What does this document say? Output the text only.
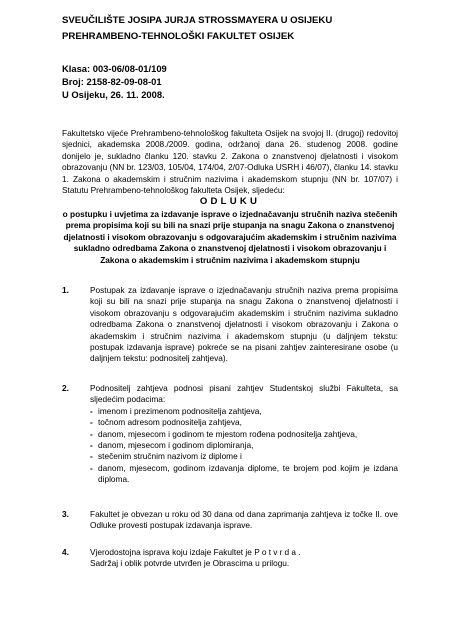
SVEUČILIŠTE JOSIPA JURJA STROSSMAYERA U OSIJEKU
PREHRAMBENO-TEHNOLOŠKI FAKULTET OSIJEK
Klasa: 003-06/08-01/109
Broj: 2158-82-09-08-01
U Osijeku, 26. 11. 2008.

Fakultetsko vijeće Prehrambeno-tehnološkog fakulteta Osijek na svojoj II. (drugoj) redovitoj sjednici, akademska 2008./2009. godina, održanoj dana 26. studenog 2008. godine donijelo je, sukladno članku 120. stavku 2. Zakona o znanstvenoj djelatnosti i visokom obrazovanju (NN br. 123/03, 105/04, 174/04, 2/07-Odluka USRH i 46/07), članku 14. stavku 1. Zakona o akademskim i stručnim nazivima i akademskom stupnju (NN br. 107/07) i Statutu Prehrambeno-tehnološkog fakulteta Osijek, sljedeću:

ODLUKU

o postupku i uvjetima za izdavanje isprave o izjednačavanju stručnih naziva stečenih prema propisima koji su bili na snazi prije stupanja na snagu Zakona o znanstvenoj djelatnosti i visokom obrazovanju s odgovarajućim akademskim i stručnim nazivima sukladno odredbama Zakona o znanstvenoj djelatnosti i visokom obrazovanju i Zakona o akademskim i stručnim nazivima i akademskom stupnju

1.	Postupak za izdavanje isprave o izjednačavanju stručnih naziva prema propisima koji su bili na snazi prije stupanja na snagu Zakona o znanstvenoj djelatnosti i visokom obrazovanju s odgovarajućim akademskim i stručnim nazivima sukladno odredbama Zakona o znanstvenoj djelatnosti i visokom obrazovanju i Zakona o akademskim i stručnim nazivima i akademskom stupnju (u daljnjem tekstu: postupak izdavanja isprave) pokreće se na pisani zahtjev zainteresirane osobe (u daljnjem tekstu: podnositelj zahtjeva).

2.	Podnositelj zahtjeva podnosi pisani zahtjev Studentskoj službi Fakulteta, sa sljedećim podacima:
- imenom i prezimenom podnositelja zahtjeva,
- točnom adresom podnositelja zahtjeva,
- danom, mjesecom i godinom te mjestom rođena podnositelja zahtjeva,
- danom, mjesecom i godinom diplomiranja,
- stečenim stručnim nazivom iz diplome i
- danom, mjesecom, godinom izdavanja diplome, te brojem pod kojim je izdana diploma.
3.	Fakultet je obvezan u roku od 30 dana od dana zaprimanja zahtjeva iz točke II. ove Odluke provesti postupak izdavanja isprave.

4.	Vjerodostojna isprava koju izdaje Fakultet je Potvrda.
Sadržaj i oblik potvrde utvrđen je Obrascima u prilogu.
